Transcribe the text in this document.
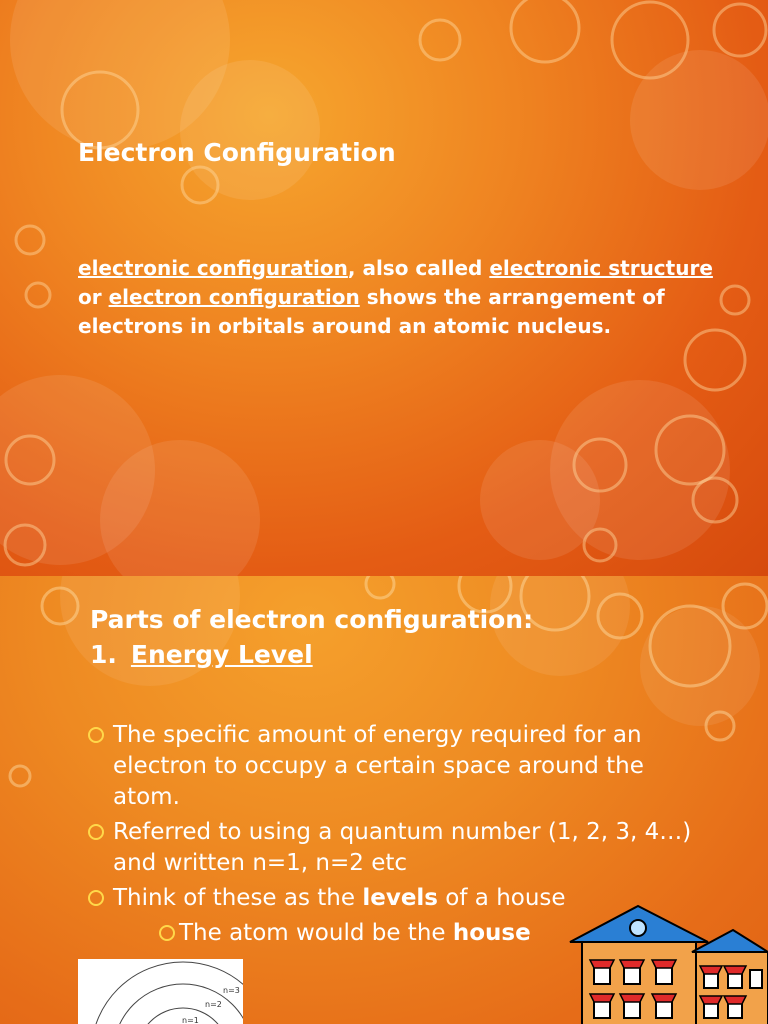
Electron Configuration

electronic configuration, also called electronic structure or electron configuration shows the arrangement of electrons in orbitals around an atomic nucleus.

Parts of electron configuration:
1. Energy Level
The specific amount of energy required for an electron to occupy a certain space around the atom.
Referred to using a quantum number (1, 2, 3, 4…) and written n=1, n=2 etc
Think of these as the levels of a house
The atom would be the house
n=3
n=2
n=1
